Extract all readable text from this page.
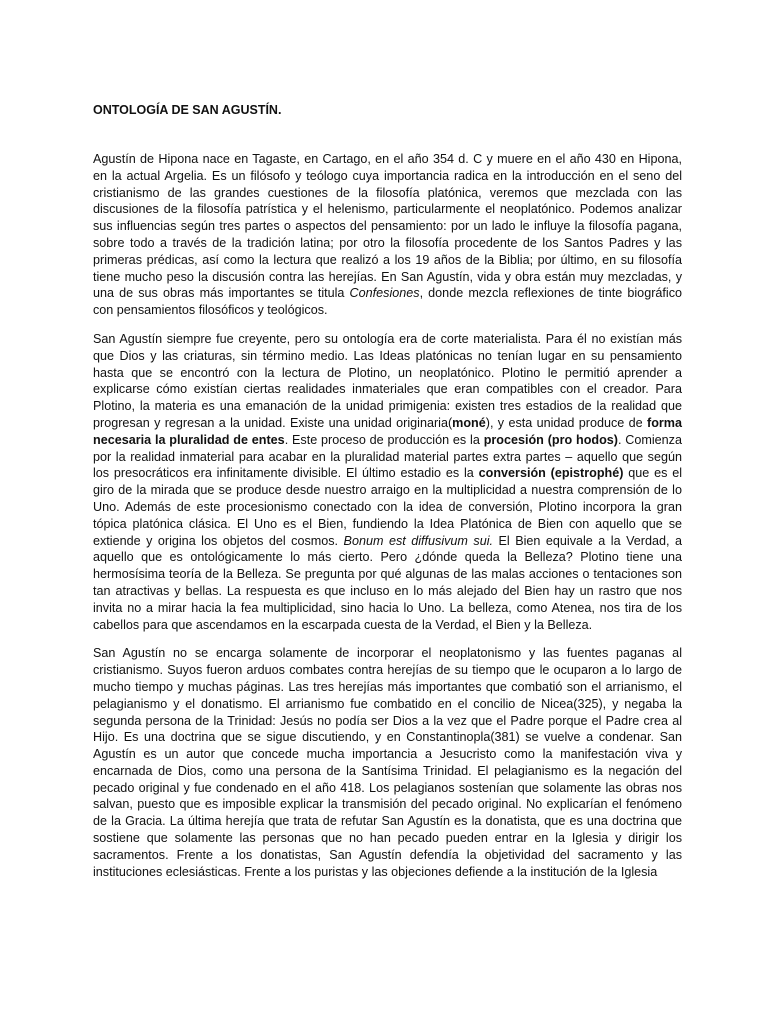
ONTOLOGÍA DE SAN AGUSTÍN.

Agustín de Hipona nace en Tagaste, en Cartago, en el año 354 d. C y muere en el año 430 en Hipona, en la actual Argelia. Es un filósofo y teólogo cuya importancia radica en la introducción en el seno del cristianismo de las grandes cuestiones de la filosofía platónica, veremos que mezclada con las discusiones de la filosofía patrística y el helenismo, particularmente el neoplatónico. Podemos analizar sus influencias según tres partes o aspectos del pensamiento: por un lado le influye la filosofía pagana, sobre todo a través de la tradición latina; por otro la filosofía procedente de los Santos Padres y las primeras prédicas, así como la lectura que realizó a los 19 años de la Biblia; por último, en su filosofía tiene mucho peso la discusión contra las herejías. En San Agustín, vida y obra están muy mezcladas, y una de sus obras más importantes se titula Confesiones, donde mezcla reflexiones de tinte biográfico con pensamientos filosóficos y teológicos.

San Agustín siempre fue creyente, pero su ontología era de corte materialista. Para él no existían más que Dios y las criaturas, sin término medio. Las Ideas platónicas no tenían lugar en su pensamiento hasta que se encontró con la lectura de Plotino, un neoplatónico. Plotino le permitió aprender a explicarse cómo existían ciertas realidades inmateriales que eran compatibles con el creador. Para Plotino, la materia es una emanación de la unidad primigenia: existen tres estadios de la realidad que progresan y regresan a la unidad. Existe una unidad originaria(moné), y esta unidad produce de forma necesaria la pluralidad de entes. Este proceso de producción es la procesión (pro hodos). Comienza por la realidad inmaterial para acabar en la pluralidad material partes extra partes – aquello que según los presocráticos era infinitamente divisible. El último estadio es la conversión (epistrophé) que es el giro de la mirada que se produce desde nuestro arraigo en la multiplicidad a nuestra comprensión de lo Uno. Además de este procesionismo conectado con la idea de conversión, Plotino incorpora la gran tópica platónica clásica. El Uno es el Bien, fundiendo la Idea Platónica de Bien con aquello que se extiende y origina los objetos del cosmos. Bonum est diffusivum sui. El Bien equivale a la Verdad, a aquello que es ontológicamente lo más cierto. Pero ¿dónde queda la Belleza? Plotino tiene una hermosísima teoría de la Belleza. Se pregunta por qué algunas de las malas acciones o tentaciones son tan atractivas y bellas. La respuesta es que incluso en lo más alejado del Bien hay un rastro que nos invita no a mirar hacia la fea multiplicidad, sino hacia lo Uno. La belleza, como Atenea, nos tira de los cabellos para que ascendamos en la escarpada cuesta de la Verdad, el Bien y la Belleza.

San Agustín no se encarga solamente de incorporar el neoplatonismo y las fuentes paganas al cristianismo. Suyos fueron arduos combates contra herejías de su tiempo que le ocuparon a lo largo de mucho tiempo y muchas páginas. Las tres herejías más importantes que combatió son el arrianismo, el pelagianismo y el donatismo. El arrianismo fue combatido en el concilio de Nicea(325), y negaba la segunda persona de la Trinidad: Jesús no podía ser Dios a la vez que el Padre porque el Padre crea al Hijo. Es una doctrina que se sigue discutiendo, y en Constantinopla(381) se vuelve a condenar. San Agustín es un autor que concede mucha importancia a Jesucristo como la manifestación viva y encarnada de Dios, como una persona de la Santísima Trinidad. El pelagianismo es la negación del pecado original y fue condenado en el año 418. Los pelagianos sostenían que solamente las obras nos salvan, puesto que es imposible explicar la transmisión del pecado original. No explicarían el fenómeno de la Gracia. La última herejía que trata de refutar San Agustín es la donatista, que es una doctrina que sostiene que solamente las personas que no han pecado pueden entrar en la Iglesia y dirigir los sacramentos. Frente a los donatistas, San Agustín defendía la objetividad del sacramento y las instituciones eclesiásticas. Frente a los puristas y las objeciones defiende a la institución de la Iglesia
